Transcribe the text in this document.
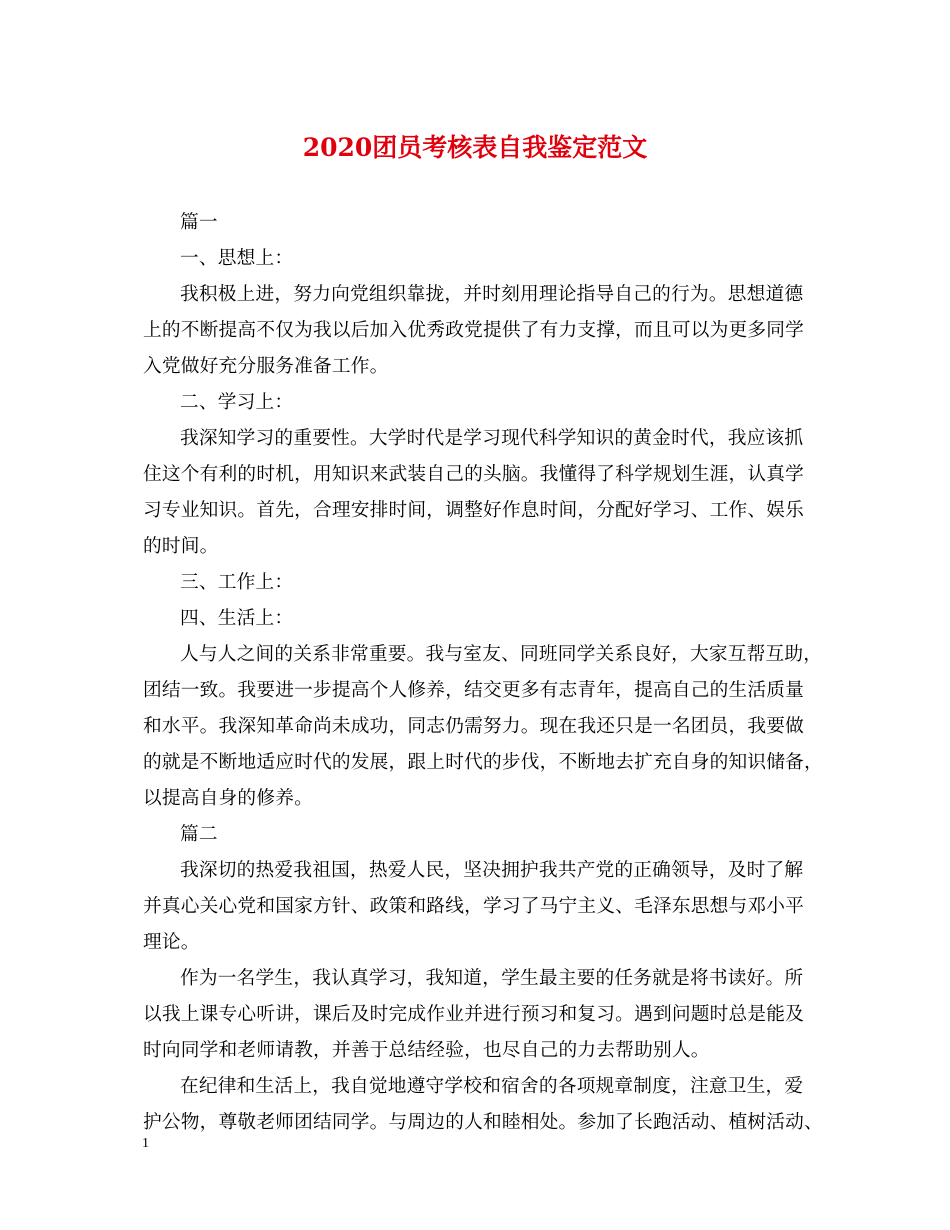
2020团员考核表自我鉴定范文
篇一
一、思想上：
我积极上进，努力向党组织靠拢，并时刻用理论指导自己的行为。思想道德
上的不断提高不仅为我以后加入优秀政党提供了有力支撑，而且可以为更多同学
入党做好充分服务准备工作。
二、学习上：
我深知学习的重要性。大学时代是学习现代科学知识的黄金时代，我应该抓
住这个有利的时机，用知识来武装自己的头脑。我懂得了科学规划生涯，认真学
习专业知识。首先，合理安排时间，调整好作息时间，分配好学习、工作、娱乐
的时间。
三、工作上：
四、生活上：
人与人之间的关系非常重要。我与室友、同班同学关系良好，大家互帮互助，
团结一致。我要进一步提高个人修养，结交更多有志青年，提高自己的生活质量
和水平。我深知革命尚未成功，同志仍需努力。现在我还只是一名团员，我要做
的就是不断地适应时代的发展，跟上时代的步伐，不断地去扩充自身的知识储备，
以提高自身的修养。
篇二
我深切的热爱我祖国，热爱人民，坚决拥护我共产党的正确领导，及时了解
并真心关心党和国家方针、政策和路线，学习了马宁主义、毛泽东思想与邓小平
理论。
作为一名学生，我认真学习，我知道，学生最主要的任务就是将书读好。所
以我上课专心听讲，课后及时完成作业并进行预习和复习。遇到问题时总是能及
时向同学和老师请教，并善于总结经验，也尽自己的力去帮助别人。
在纪律和生活上，我自觉地遵守学校和宿舍的各项规章制度，注意卫生，爱
护公物，尊敬老师团结同学。与周边的人和睦相处。参加了长跑活动、植树活动、
1
